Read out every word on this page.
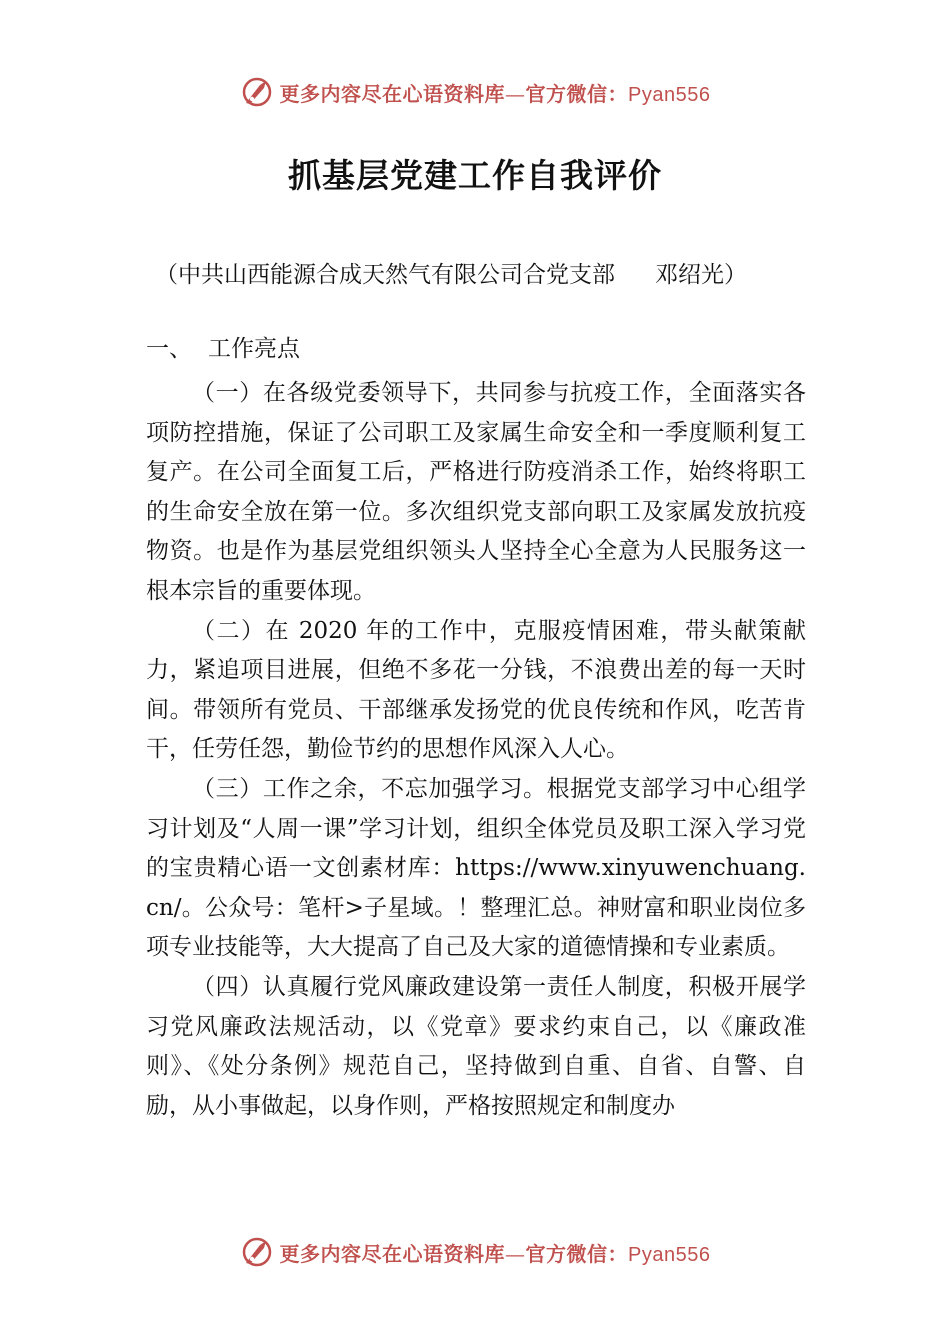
更多内容尽在心语资料库—官方微信：Pyan556
抓基层党建工作自我评价
（中共山西能源合成天然气有限公司合党支部 邓绍光）
一、 工作亮点

（一）在各级党委领导下，共同参与抗疫工作，全面落实各项防控措施，保证了公司职工及家属生命安全和一季度顺利复工复产。在公司全面复工后，严格进行防疫消杀工作，始终将职工的生命安全放在第一位。多次组织党支部向职工及家属发放抗疫物资。也是作为基层党组织领头人坚持全心全意为人民服务这一根本宗旨的重要体现。

（二）在 2020 年的工作中，克服疫情困难，带头献策献力，紧追项目进展，但绝不多花一分钱，不浪费出差的每一天时间。带领所有党员、干部继承发扬党的优良传统和作风，吃苦肯干，任劳任怨，勤俭节约的思想作风深入人心。

（三）工作之余，不忘加强学习。根据党支部学习中心组学习计划及“人周一课”学习计划，组织全体党员及职工深入学习党的宝贵精心语一文创素材库：https://www.xinyuwenchuang.cn/。公众号：笔杆>子星域。！整理汇总。神财富和职业岗位多项专业技能等，大大提高了自己及大家的道德情操和专业素质。

（四）认真履行党风廉政建设第一责任人制度，积极开展学习党风廉政法规活动，以《党章》要求约束自己，以《廉政准则》、《处分条例》规范自己，坚持做到自重、自省、自警、自励，从小事做起，以身作则，严格按照规定和制度办

更多内容尽在心语资料库—官方微信：Pyan556
